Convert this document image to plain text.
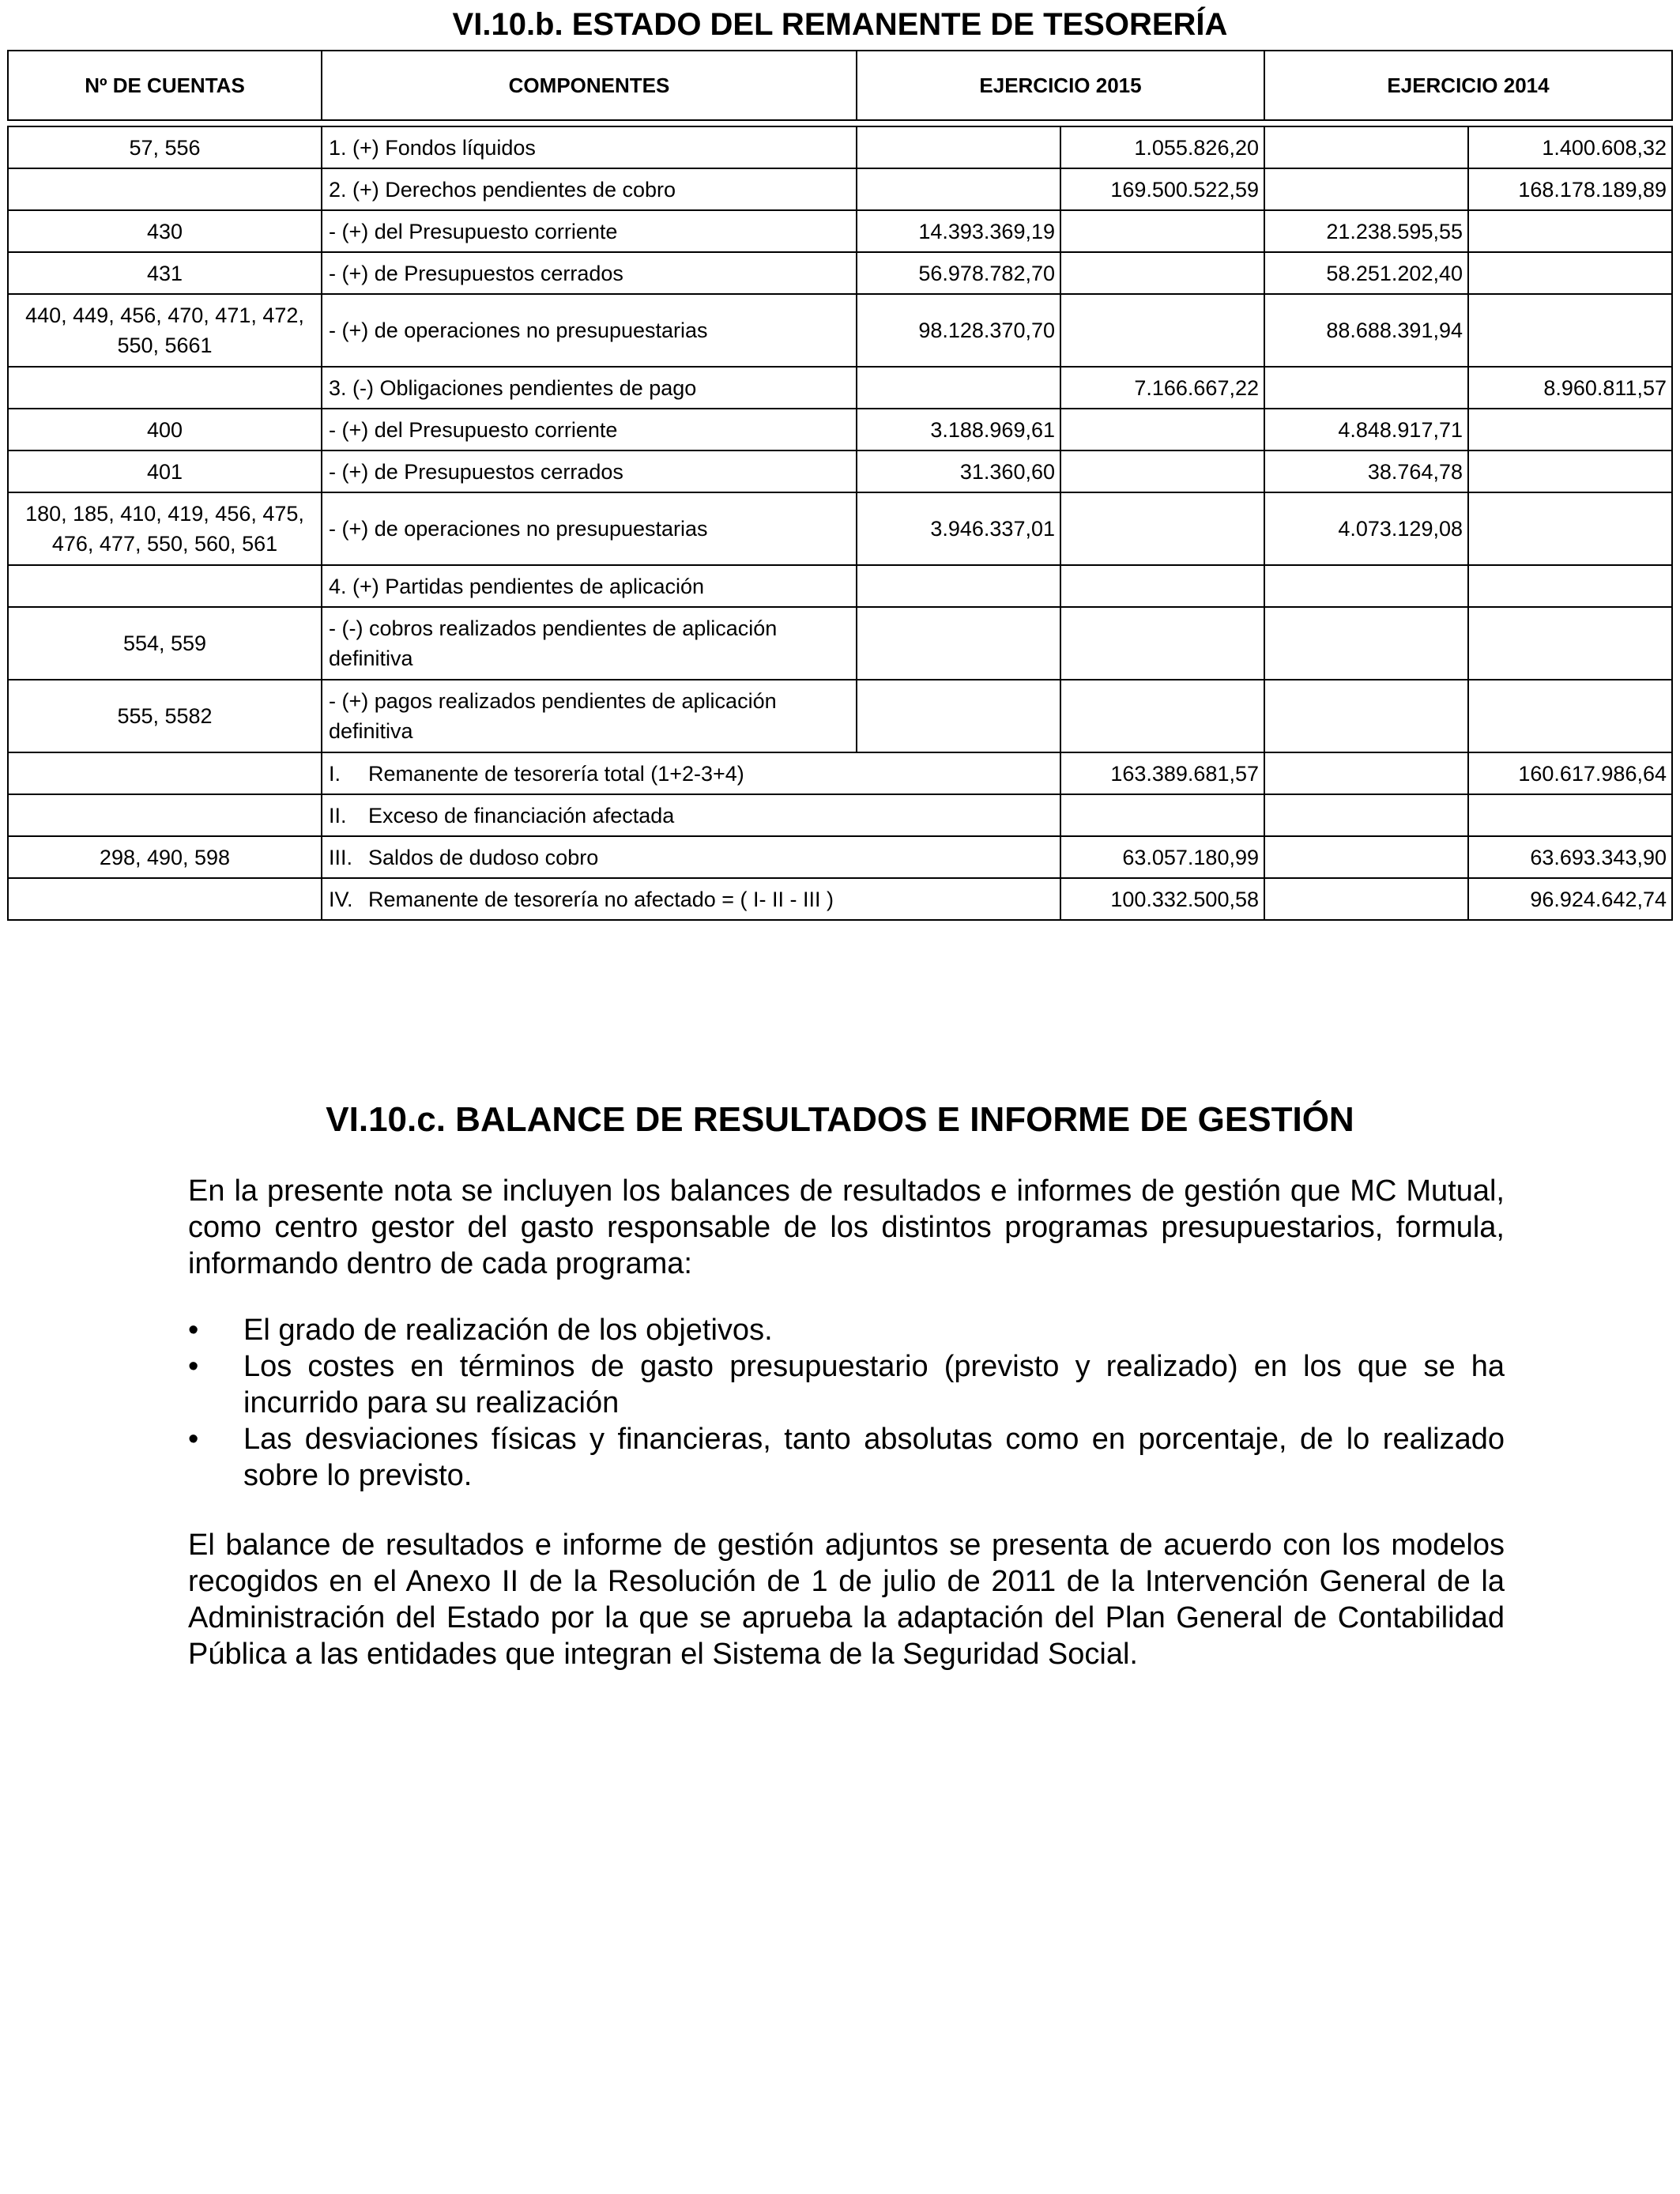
VI.10.b. ESTADO DEL REMANENTE DE TESORERÍA
Nº DE CUENTAS	COMPONENTES	EJERCICIO 2015		EJERCICIO 2014	

57, 556	1. (+) Fondos líquidos		1.055.826,20		1.400.608,32
	2. (+) Derechos pendientes de cobro		169.500.522,59		168.178.189,89
430	- (+) del Presupuesto corriente	14.393.369,19		21.238.595,55	
431	- (+) de Presupuestos cerrados	56.978.782,70		58.251.202,40	
440, 449, 456, 470, 471, 472, 550, 5661	- (+) de operaciones no presupuestarias	98.128.370,70		88.688.391,94	
	3. (-) Obligaciones pendientes de pago		7.166.667,22		8.960.811,57
400	- (+) del Presupuesto corriente	3.188.969,61		4.848.917,71	
401	- (+) de Presupuestos cerrados	31.360,60		38.764,78	
180, 185, 410, 419, 456, 475, 476, 477, 550, 560, 561	- (+) de operaciones no presupuestarias	3.946.337,01		4.073.129,08	
	4. (+) Partidas pendientes de aplicación				
554, 559	- (-) cobros realizados pendientes de aplicación definitiva				
555, 5582	- (+) pagos realizados pendientes de aplicación definitiva				
	I. Remanente de tesorería total (1+2-3+4)		163.389.681,57		160.617.986,64
	II. Exceso de financiación afectada				
298, 490, 598	III. Saldos de dudoso cobro		63.057.180,99		63.693.343,90
	IV. Remanente de tesorería no afectado = ( I- II - III )		100.332.500,58		96.924.642,74
VI.10.c. BALANCE DE RESULTADOS E INFORME DE GESTIÓN

En la presente nota se incluyen los balances de resultados e informes de gestión que MC Mutual, como centro gestor del gasto responsable de los distintos programas presupuestarios, formula, informando dentro de cada programa:

•	El grado de realización de los objetivos.
•	Los costes en términos de gasto presupuestario (previsto y realizado) en los que se ha incurrido para su realización
•	Las desviaciones físicas y financieras, tanto absolutas como en porcentaje, de lo realizado sobre lo previsto.

El balance de resultados e informe de gestión adjuntos se presenta de acuerdo con los modelos recogidos en el Anexo II de la Resolución de 1 de julio de 2011 de la Intervención General de la Administración del Estado por la que se aprueba la adaptación del Plan General de Contabilidad Pública a las entidades que integran el Sistema de la Seguridad Social.
